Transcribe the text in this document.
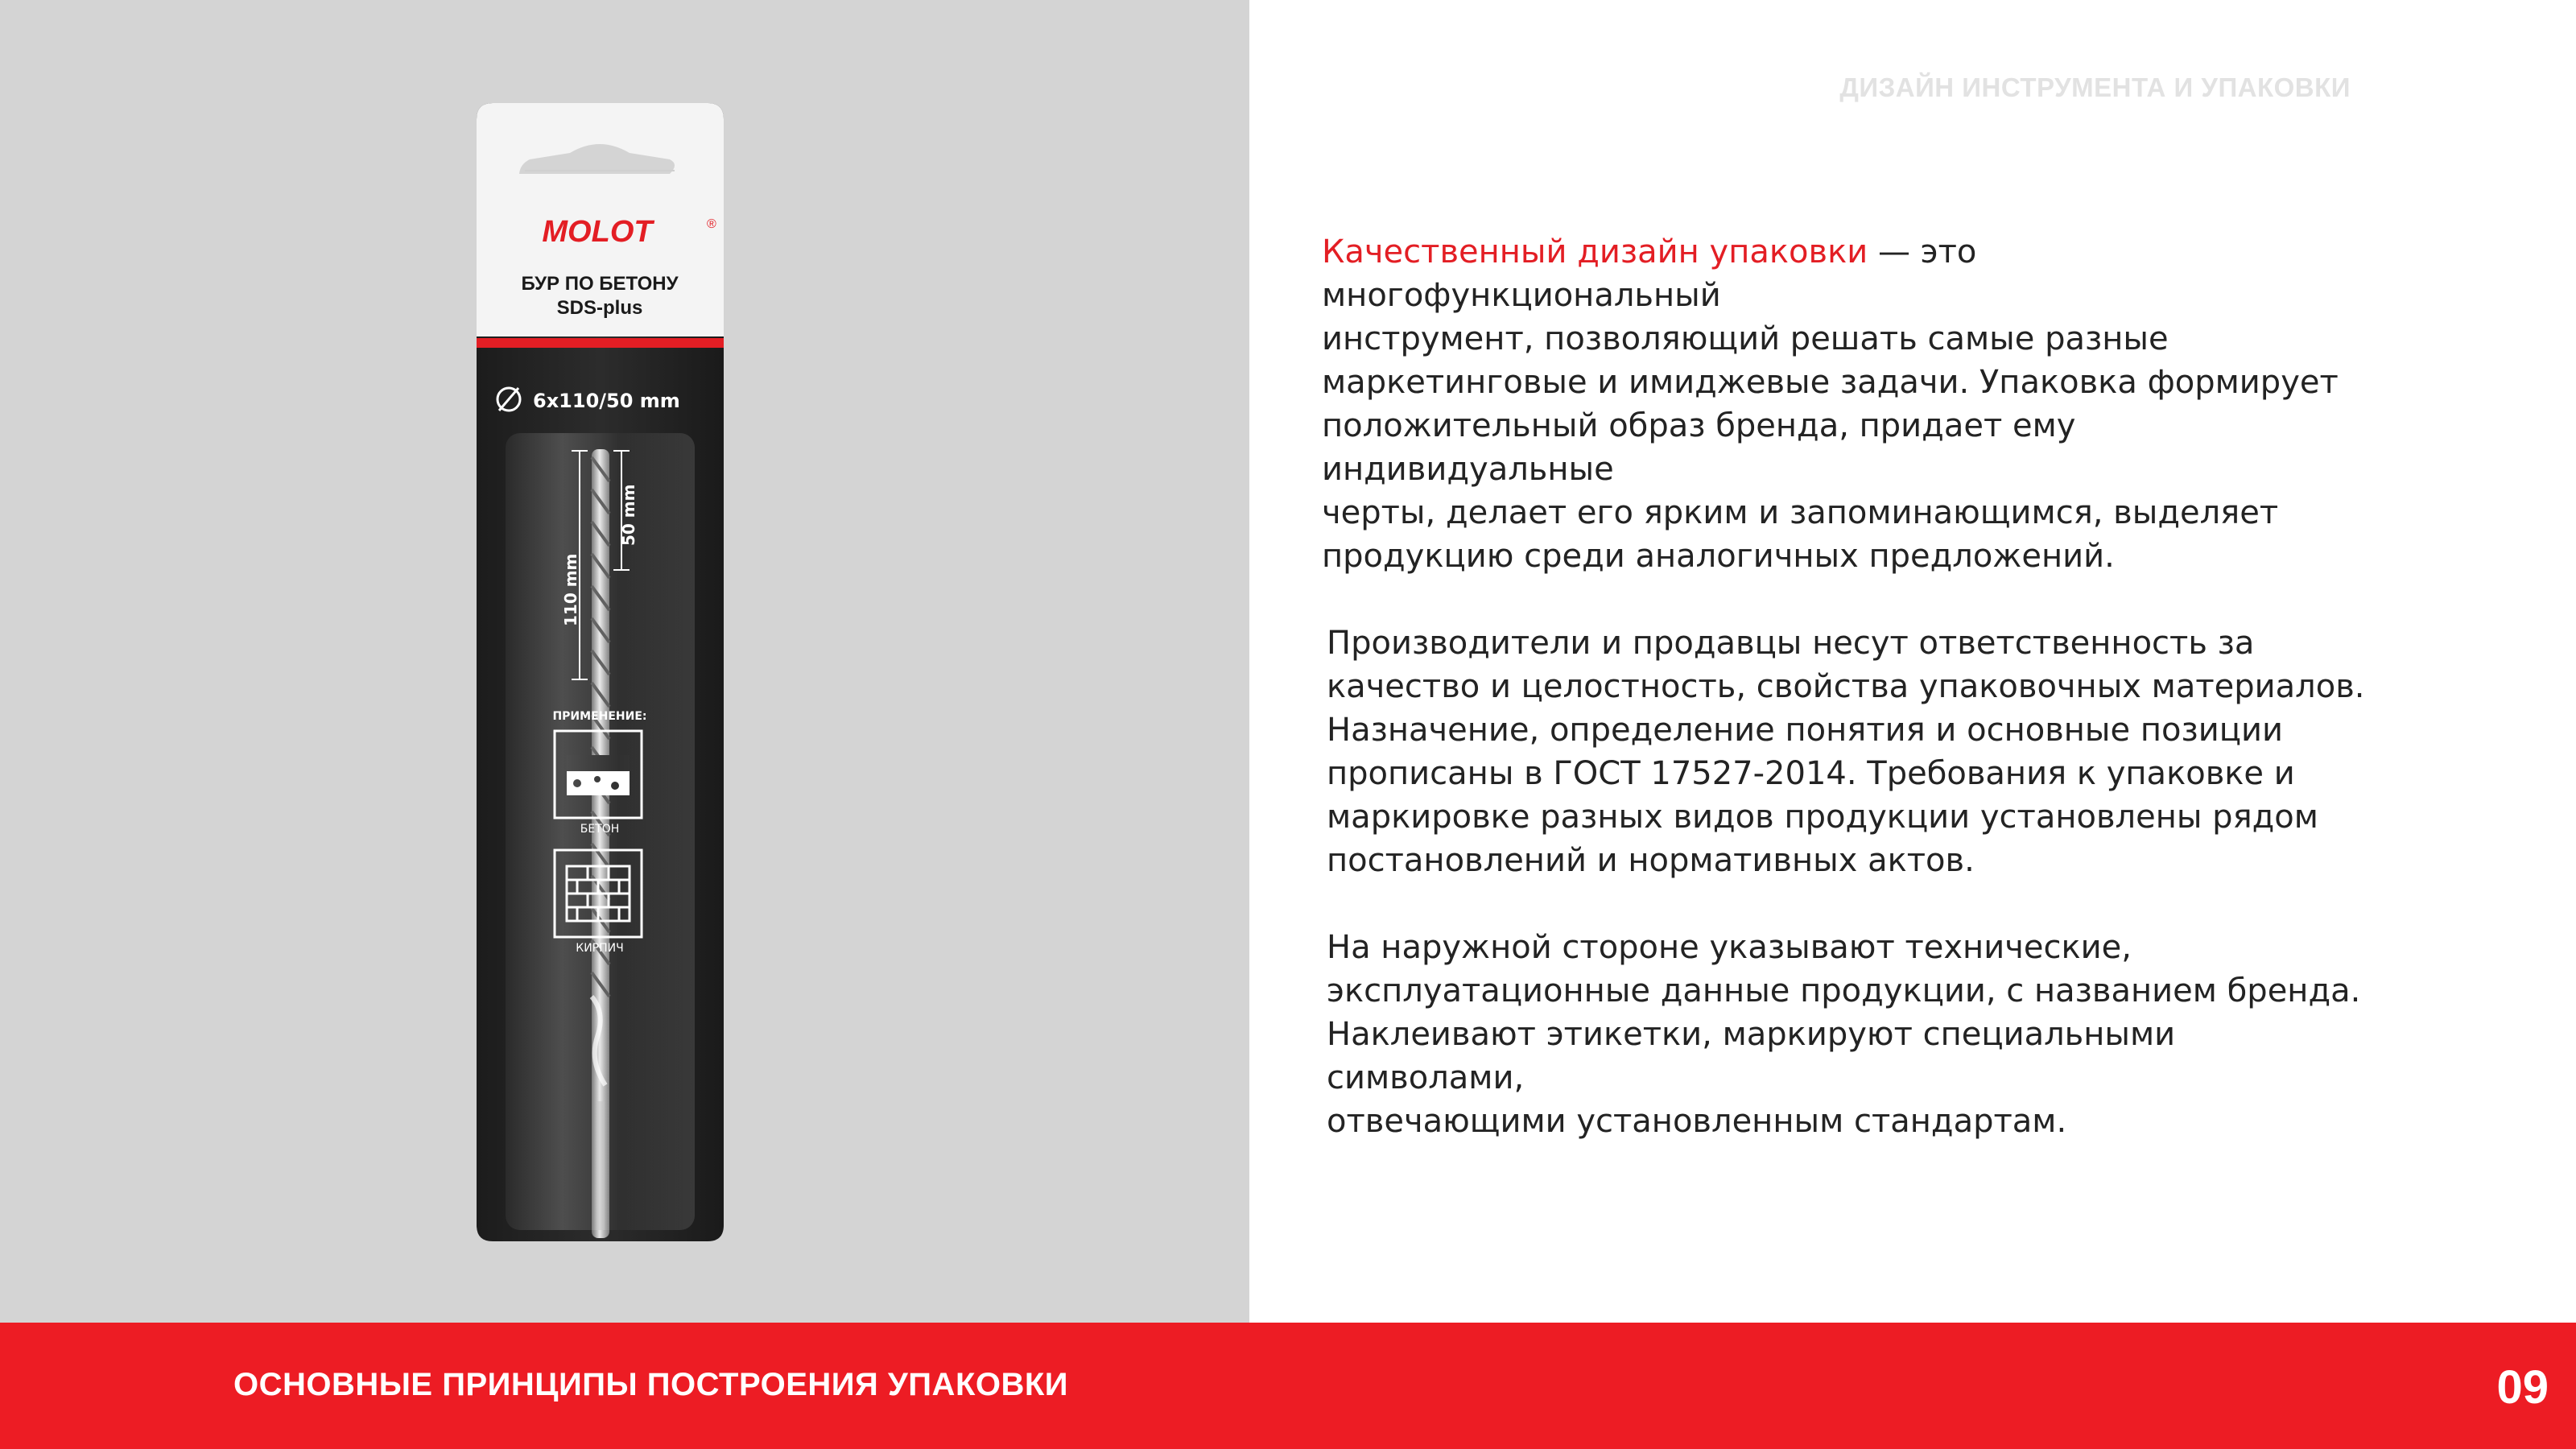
MOLOT	®
БУР ПО БЕТОНУ
SDS-plus
6x110/50 mm
ДИЗАЙН ИНСТРУМЕНТА И УПАКОВКИ

Качественный дизайн упаковки — это многофункциональный
инструмент, позволяющий решать самые разные
маркетинговые и имиджевые задачи. Упаковка формирует
положительный образ бренда, придает ему индивидуальные
черты, делает его ярким и запоминающимся, выделяет
продукцию среди аналогичных предложений.

Производители и продавцы несут ответственность за
качество и целостность, свойства упаковочных материалов.
Назначение, определение понятия и основные позиции
прописаны в ГОСТ 17527-2014. Требования к упаковке и
маркировке разных видов продукции установлены рядом
постановлений и нормативных актов.

На наружной стороне указывают технические,
эксплуатационные данные продукции, с названием бренда.
Наклеивают этикетки, маркируют специальными символами,
отвечающими установленным стандартам.

ОСНОВНЫЕ ПРИНЦИПЫ ПОСТРОЕНИЯ УПАКОВКИ	09
